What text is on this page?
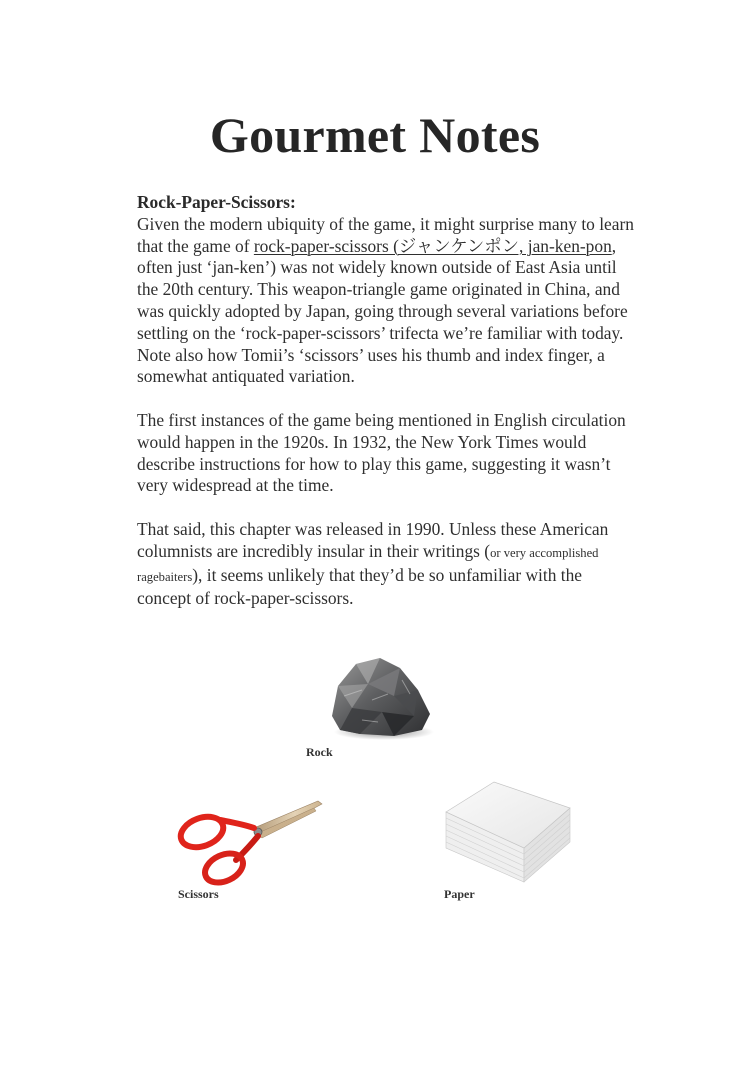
Gourmet Notes

Rock-Paper-Scissors:
Given the modern ubiquity of the game, it might surprise many to learn that the game of rock-paper-scissors (ジャンケンポン, jan-ken-pon, often just ‘jan-ken’) was not widely known outside of East Asia until the 20th century. This weapon-triangle game originated in China, and was quickly adopted by Japan, going through several variations before settling on the ‘rock-paper-scissors’ trifecta we’re familiar with today. Note also how Tomii’s ‘scissors’ uses his thumb and index finger, a somewhat antiquated variation.

The first instances of the game being mentioned in English circulation would happen in the 1920s. In 1932, the New York Times would describe instructions for how to play this game, suggesting it wasn’t very widespread at the time.

That said, this chapter was released in 1990. Unless these American columnists are incredibly insular in their writings (or very accomplished ragebaiters), it seems unlikely that they’d be so unfamiliar with the concept of rock-paper-scissors.

Rock
Scissors	Paper
